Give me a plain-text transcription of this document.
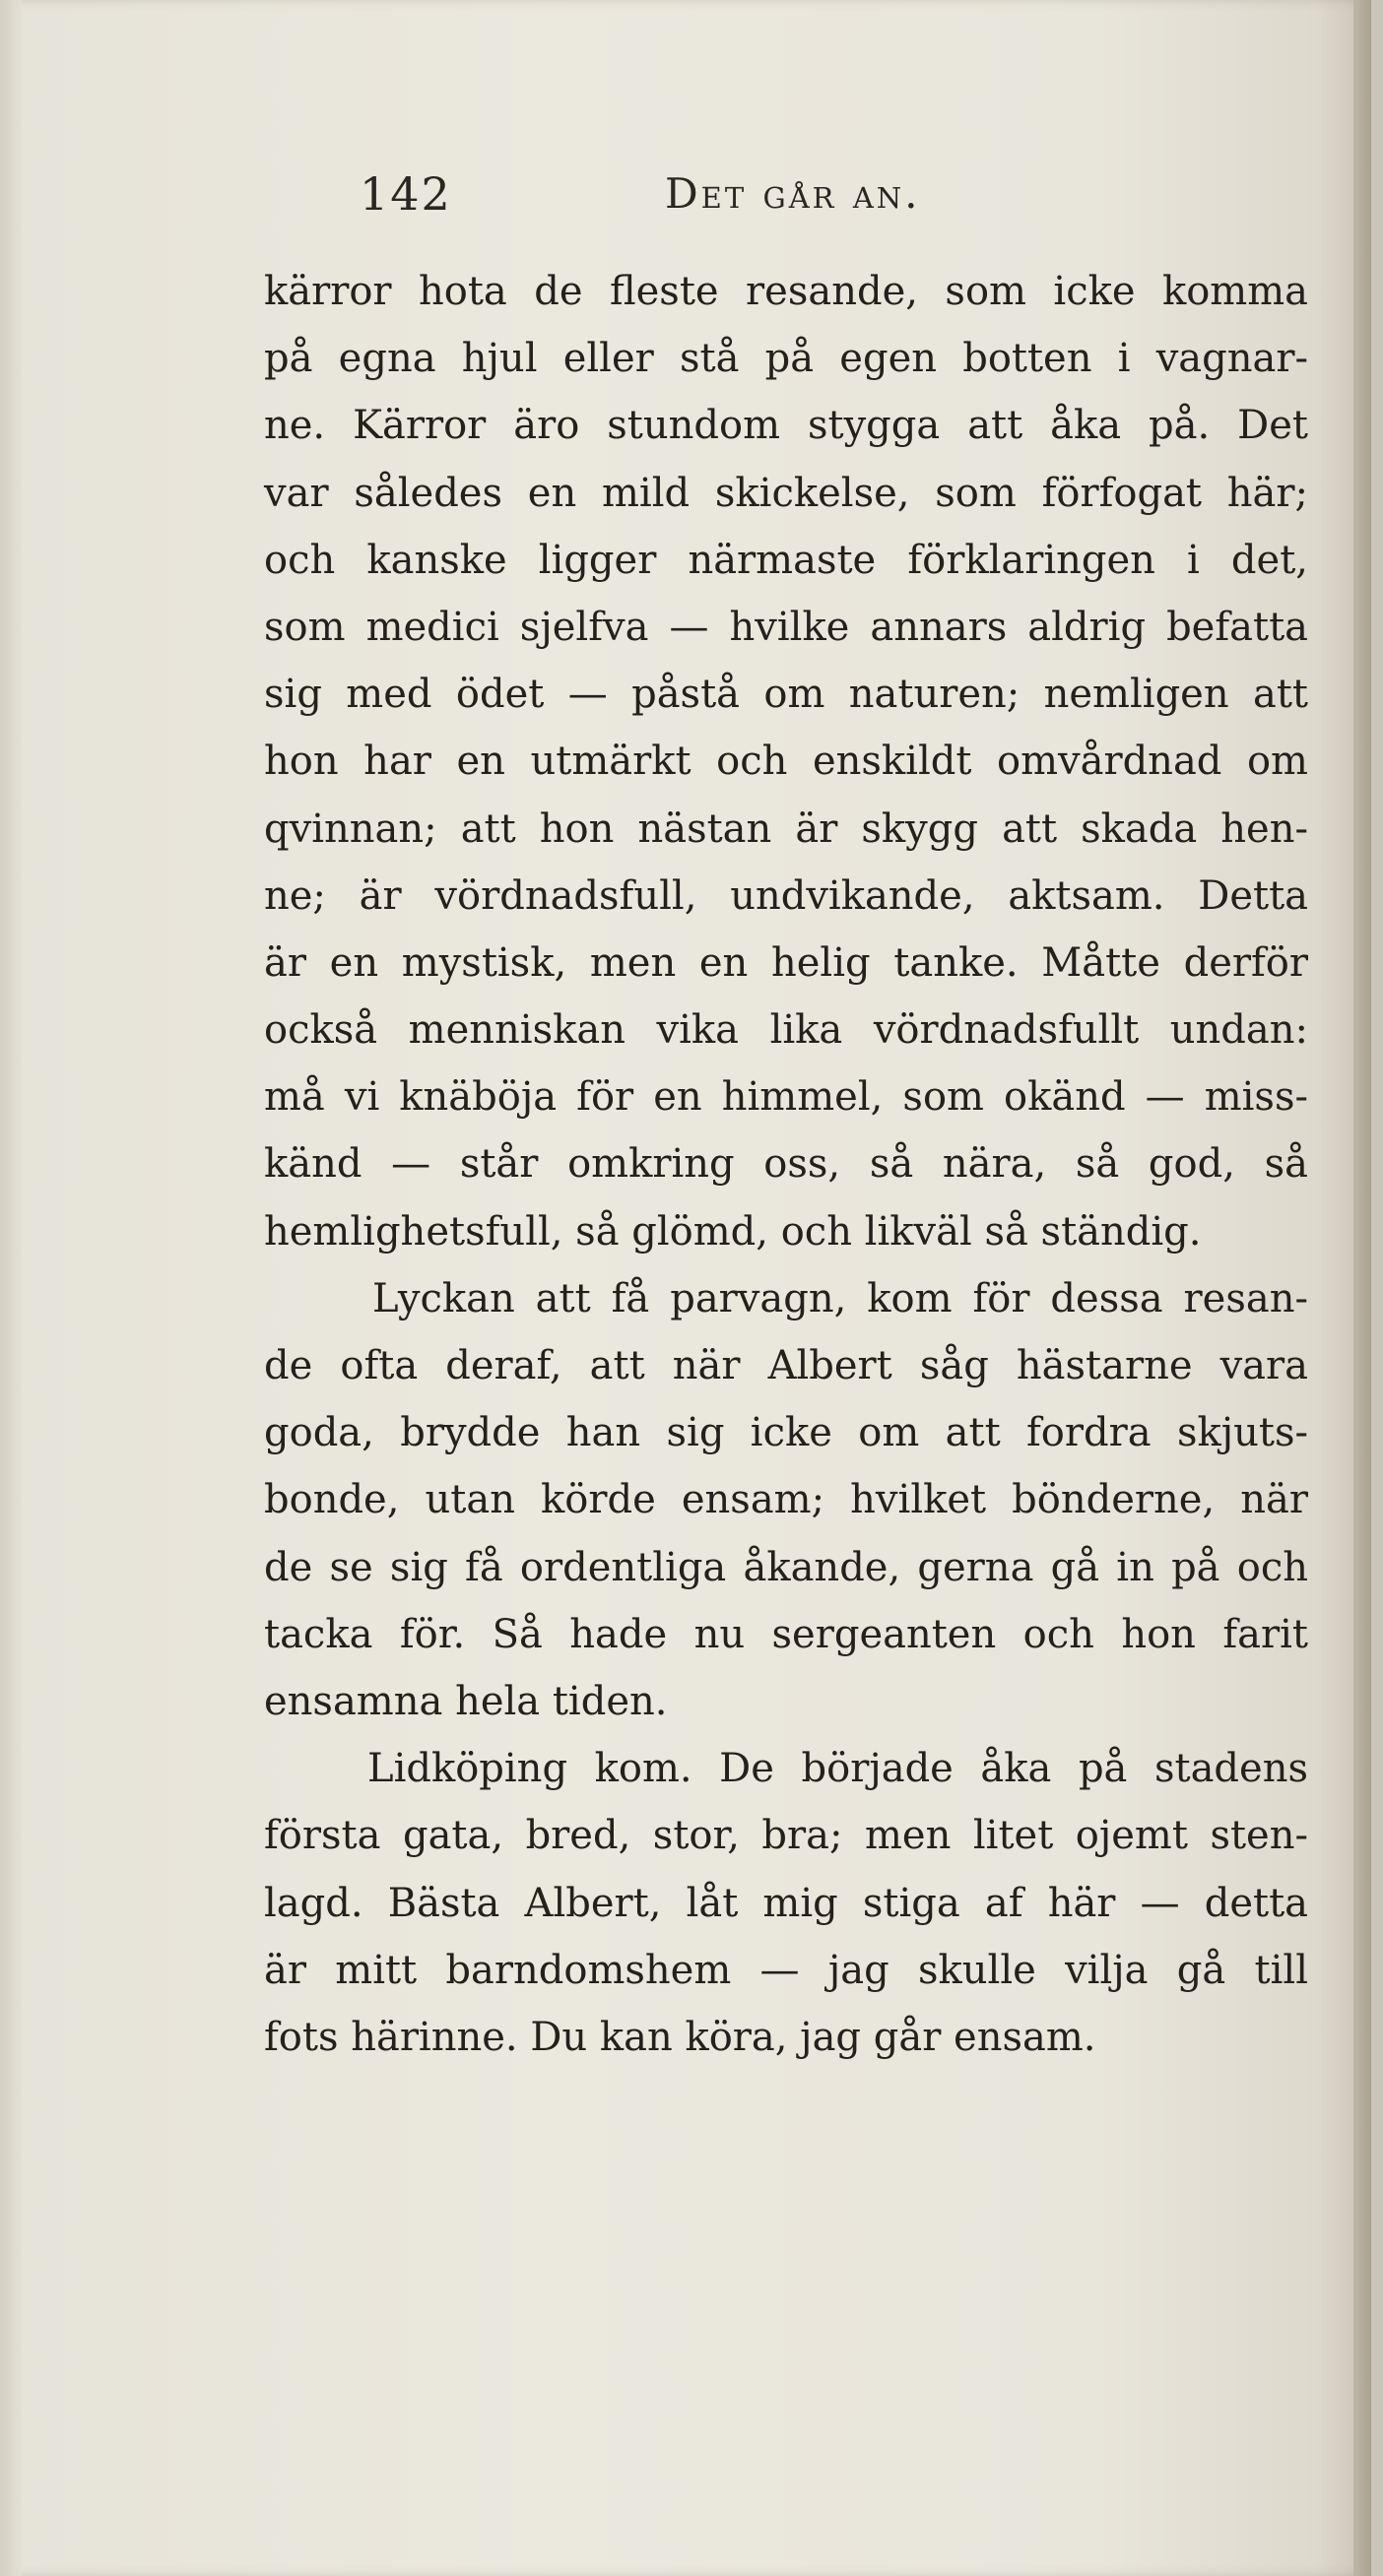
142	Det går an.
kärror hota de fleste resande, som icke komma
på egna hjul eller stå på egen botten i vagnar-
ne. Kärror äro stundom stygga att åka på. Det
var således en mild skickelse, som förfogat här;
och kanske ligger närmaste förklaringen i det,
som medici sjelfva — hvilke annars aldrig befatta
sig med ödet — påstå om naturen; nemligen att
hon har en utmärkt och enskildt omvårdnad om
qvinnan; att hon nästan är skygg att skada hen-
ne; är vördnadsfull, undvikande, aktsam. Detta
är en mystisk, men en helig tanke. Måtte derför
också menniskan vika lika vördnadsfullt undan:
må vi knäböja för en himmel, som okänd — miss-
känd — står omkring oss, så nära, så god, så
hemlighetsfull, så glömd, och likväl så ständig.
Lyckan att få parvagn, kom för dessa resan-
de ofta deraf, att när Albert såg hästarne vara
goda, brydde han sig icke om att fordra skjuts-
bonde, utan körde ensam; hvilket bönderne, när
de se sig få ordentliga åkande, gerna gå in på och
tacka för. Så hade nu sergeanten och hon farit
ensamna hela tiden.
Lidköping kom. De började åka på stadens
första gata, bred, stor, bra; men litet ojemt sten-
lagd. Bästa Albert, låt mig stiga af här — detta
är mitt barndomshem — jag skulle vilja gå till
fots härinne. Du kan köra, jag går ensam.
